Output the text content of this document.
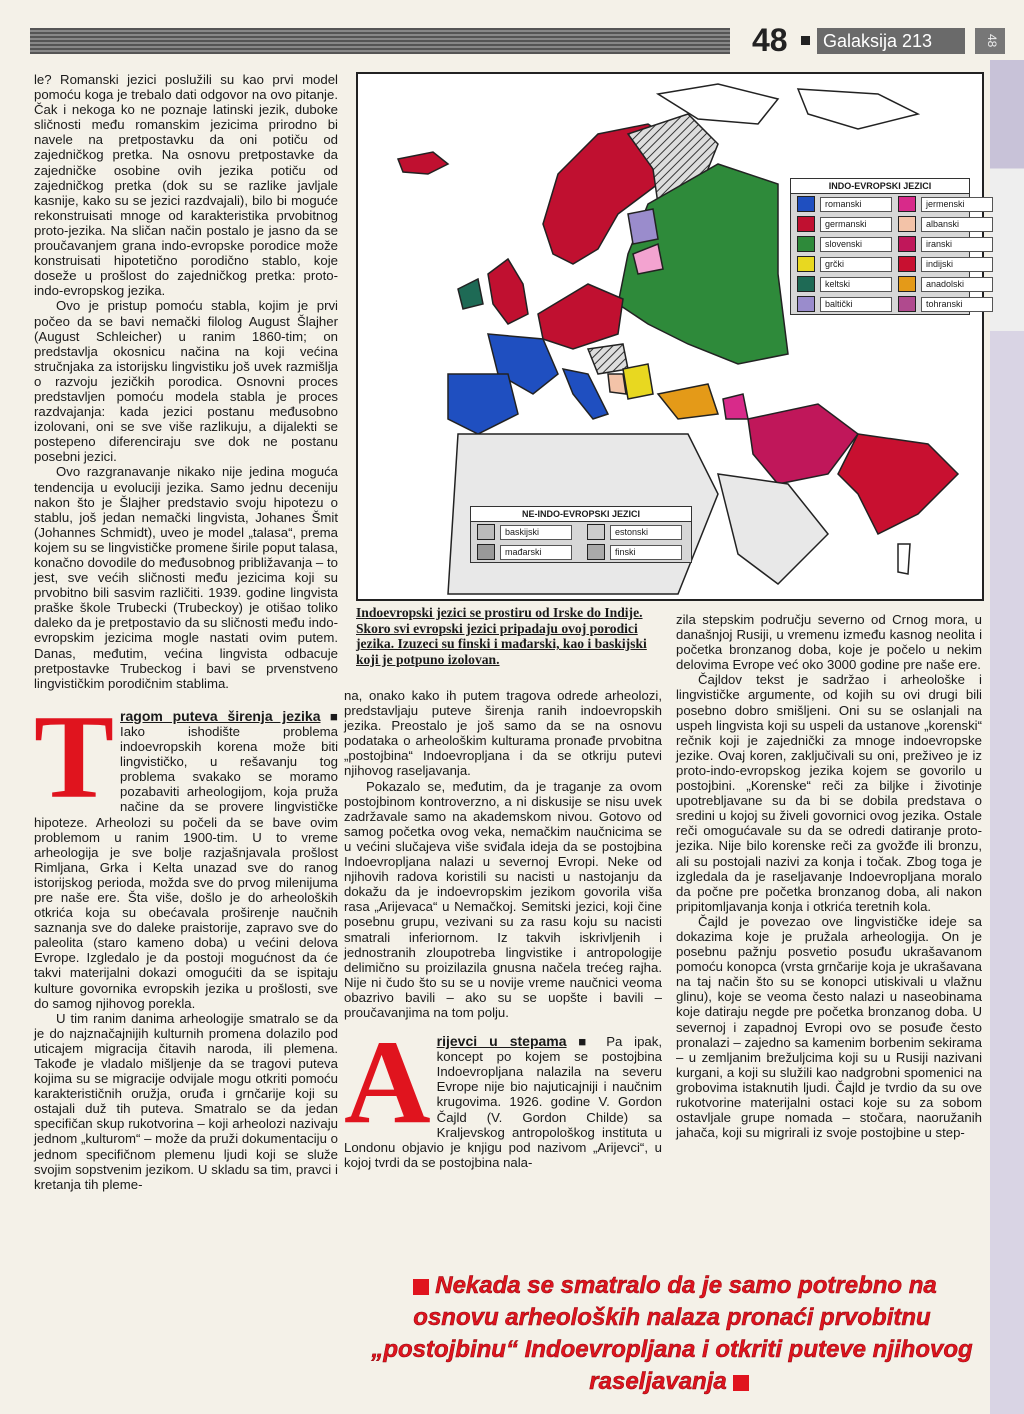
48	Galaksija 213	48

le? Romanski jezici poslužili su kao prvi model pomoću koga je trebalo dati odgovor na ovo pitanje. Čak i nekoga ko ne poznaje latinski jezik, duboke sličnosti među romanskim jezicima prirodno bi navele na pretpostavku da oni potiču od zajedničkog pretka. Na osnovu pretpostavke da zajedničke osobine ovih jezika potiču od zajedničkog pretka (dok su se razlike javljale kasnije, kako su se jezici razdvajali), bilo bi moguće rekonstruisati mnoge od karakteristika prvobitnog proto-jezika. Na sličan način postalo je jasno da se proučavanjem grana indo-evropske porodice može konstruisati hipotetično porodično stablo, koje doseže u prošlost do zajedničkog pretka: proto-indo-evropskog jezika.

Ovo je pristup pomoću stabla, kojim je prvi počeo da se bavi nemački filolog August Šlajher (August Schleicher) u ranim 1860-tim; on predstavlja okosnicu načina na koji većina stručnjaka za istorijsku lingvistiku još uvek razmišlja o razvoju jezičkih porodica. Osnovni proces predstavljen pomoću modela stabla je proces razdvajanja: kada jezici postanu međusobno izolovani, oni se sve više razlikuju, a dijalekti se postepeno diferenciraju sve dok ne postanu posebni jezici.

Ovo razgranavanje nikako nije jedina moguća tendencija u evoluciji jezika. Samo jednu deceniju nakon što je Šlajher predstavio svoju hipotezu o stablu, još jedan nemački lingvista, Johanes Šmit (Johannes Schmidt), uveo je model „talasa“, prema kojem su se lingvističke promene širile poput talasa, konačno dovodile do međusobnog približavanja – to jest, sve većih sličnosti među jezicima koji su prvobitno bili sasvim različiti. 1939. godine lingvista praške škole Trubecki (Trubeckoy) je otišao toliko daleko da je pretpostavio da su sličnosti među indo-evropskim jezicima mogle nastati ovim putem. Danas, međutim, većina lingvista odbacuje pretpostavke Trubeckog i bavi se prvenstveno lingvističkim porodičnim stablima.

T ragom puteva širenja jezika ■ Iako ishodište problema indoevropskih korena može biti lingvističko, u rešavanju tog problema svakako se moramo pozabaviti arheologijom, koja pruža načine da se provere lingvističke hipoteze. Arheolozi su počeli da se bave ovim problemom u ranim 1900-tim. U to vreme arheologija je sve bolje razjašnjavala prošlost Rimljana, Grka i Kelta unazad sve do ranog istorijskog perioda, možda sve do prvog milenijuma pre naše ere. Šta više, došlo je do arheoloških otkrića koja su obećavala proširenje naučnih saznanja sve do daleke praistorije, zapravo sve do paleolita (staro kameno doba) u većini delova Evrope. Izgledalo je da postoji mogućnost da će takvi materijalni dokazi omogućiti da se ispitaju kulture govornika evropskih jezika u prošlosti, sve do samog njihovog porekla.

U tim ranim danima arheologije smatralo se da je do najznačajnijih kulturnih promena dolazilo pod uticajem migracija čitavih naroda, ili plemena. Takođe je vladalo mišljenje da se tragovi puteva kojima su se migracije odvijale mogu otkriti pomoću karakterističnih oružja, oruđa i grnčarije koji su ostajali duž tih puteva. Smatralo se da jedan specifičan skup rukotvorina – koji arheolozi nazivaju jednom „kulturom“ – može da pruži dokumentaciju o jednom specifičnom plemenu ljudi koji se služe svojim sopstvenim jezikom. U skladu sa tim, pravci i kretanja tih pleme-

INDO-EVROPSKI JEZICI
romanski
germanski
slovenski
grčki
keltski
baltički
jermenski
albanski
iranski
indijski
anadolski
tohranski
NE-INDO-EVROPSKI JEZICI
baskijski
mađarski
estonski
finski
Indoevropski jezici se prostiru od Irske do Indije. Skoro svi evropski jezici pripadaju ovoj porodici jezika. Izuzeci su finski i mađarski, kao i baskijski koji je potpuno izolovan.

na, onako kako ih putem tragova odrede arheolozi, predstavljaju puteve širenja ranih indoevropskih jezika. Preostalo je još samo da se na osnovu podataka o arheološkim kulturama pronađe prvobitna „postojbina“ Indoevropljana i da se otkriju putevi njihovog raseljavanja.

Pokazalo se, međutim, da je traganje za ovom postojbinom kontroverzno, a ni diskusije se nisu uvek zadržavale samo na akademskom nivou. Gotovo od samog početka ovog veka, nemačkim naučnicima se u većini slučajeva više sviđala ideja da se postojbina Indoevropljana nalazi u severnoj Evropi. Neke od njihovih radova koristili su nacisti u nastojanju da dokažu da je indoevropskim jezikom govorila viša rasa „Arijevaca“ u Nemačkoj. Semitski jezici, koji čine posebnu grupu, vezivani su za rasu koju su nacisti smatrali inferiornom. Iz takvih iskrivljenih i jednostranih zloupotreba lingvistike i antropologije delimično su proizilazila gnusna načela trećeg rajha. Nije ni čudo što su se u novije vreme naučnici veoma obazrivo bavili – ako su se uopšte i bavili – proučavanjima na tom polju.

A rijevci u stepama ■ Pa ipak, koncept po kojem se postojbina Indoevropljana nalazila na severu Evrope nije bio najuticajniji i naučnim krugovima. 1926. godine V. Gordon Čajld (V. Gordon Childe) sa Kraljevskog antropološkog instituta u Londonu objavio je knjigu pod nazivom „Arijevci“, u kojoj tvrdi da se postojbina nala-

zila stepskim području severno od Crnog mora, u današnjoj Rusiji, u vremenu između kasnog neolita i početka bronzanog doba, koje je počelo u nekim delovima Evrope već oko 3000 godine pre naše ere.

Čajldov tekst je sadržao i arheološke i lingvističke argumente, od kojih su ovi drugi bili posebno dobro smišljeni. Oni su se oslanjali na uspeh lingvista koji su uspeli da ustanove „korenski“ rečnik koji je zajednički za mnoge indoevropske jezike. Ovaj koren, zaključivali su oni, preživeo je iz proto-indo-evropskog jezika kojem se govorilo u postojbini. „Korenske“ reči za biljke i životinje upotrebljavane su da bi se dobila predstava o sredini u kojoj su živeli govornici ovog jezika. Ostale reči omogućavale su da se odredi datiranje proto-jezika. Nije bilo korenske reči za gvožđe ili bronzu, ali su postojali nazivi za konja i točak. Zbog toga je izgledala da je raseljavanje Indoevropljana moralo da počne pre početka bronzanog doba, ali nakon pripitomljavanja konja i otkrića teretnih kola.

Čajld je povezao ove lingvističke ideje sa dokazima koje je pružala arheologija. On je posebnu pažnju posvetio posuđu ukrašavanom pomoću konopca (vrsta grnčarije koja je ukrašavana na taj način što su se konopci utiskivali u vlažnu glinu), koje se veoma često nalazi u naseobinama koje datiraju negde pre početka bronzanog doba. U severnoj i zapadnoj Evropi ovo se posuđe često pronalazi – zajedno sa kamenim borbenim sekirama – u zemljanim brežuljcima koji su u Rusiji nazivani kurgani, a koji su služili kao nadgrobni spomenici na grobovima istaknutih ljudi. Čajld je tvrdio da su ove rukotvorine materijalni ostaci koje su za sobom ostavljale grupe nomada – stočara, naoružanih jahača, koji su migrirali iz svoje postojbine u step-

Nekada se smatralo da je samo potrebno na osnovu arheoloških nalaza pronaći prvobitnu „postojbinu“ Indoevropljana i otkriti puteve njihovog raseljavanja
